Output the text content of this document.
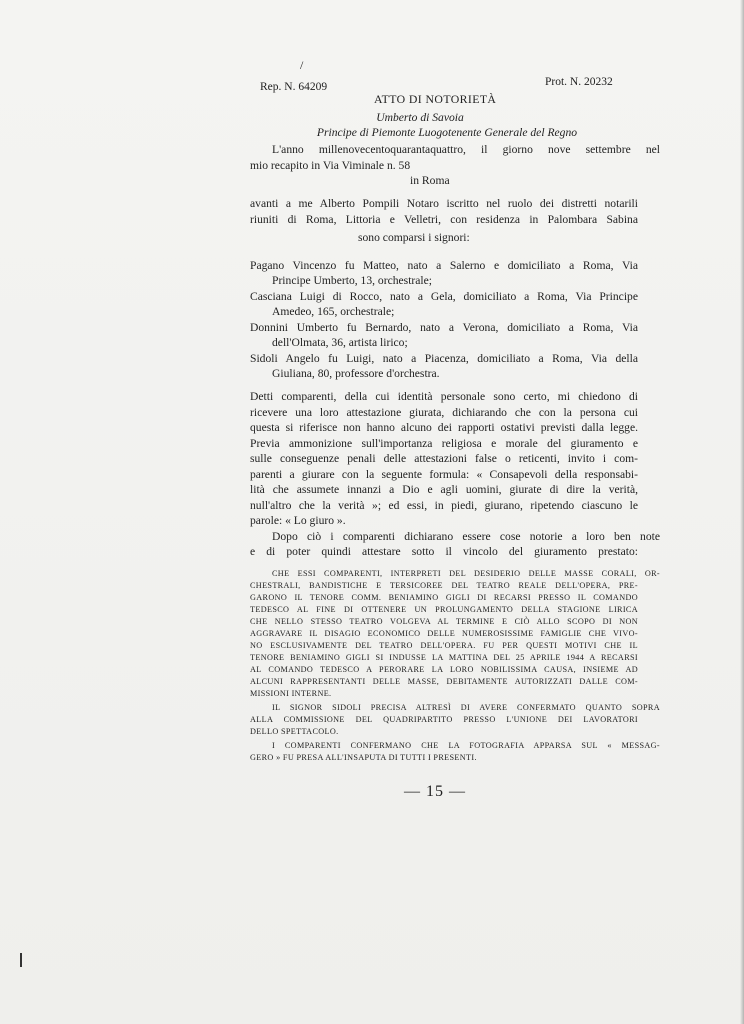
/
Rep. N. 64209	Prot. N. 20232
ATTO DI NOTORIETÀ
Umberto di Savoia
Principe di Piemonte Luogotenente Generale del Regno
L'anno millenovecentoquarantaquattro, il giorno nove settembre nel
mio recapito in Via Viminale n. 58
in Roma
avanti a me Alberto Pompili Notaro iscritto nel ruolo dei distretti notarili
riuniti di Roma, Littoria e Velletri, con residenza in Palombara Sabina
sono comparsi i signori:
Pagano Vincenzo fu Matteo, nato a Salerno e domiciliato a Roma, Via
Principe Umberto, 13, orchestrale;
Casciana Luigi di Rocco, nato a Gela, domiciliato a Roma, Via Principe
Amedeo, 165, orchestrale;
Donnini Umberto fu Bernardo, nato a Verona, domiciliato a Roma, Via
dell'Olmata, 36, artista lirico;
Sidoli Angelo fu Luigi, nato a Piacenza, domiciliato a Roma, Via della
Giuliana, 80, professore d'orchestra.
Detti comparenti, della cui identità personale sono certo, mi chiedono di
ricevere una loro attestazione giurata, dichiarando che con la persona cui
questa si riferisce non hanno alcuno dei rapporti ostativi previsti dalla legge.
Previa ammonizione sull'importanza religiosa e morale del giuramento e
sulle conseguenze penali delle attestazioni false o reticenti, invito i com-
parenti a giurare con la seguente formula: « Consapevoli della responsabi-
lità che assumete innanzi a Dio e agli uomini, giurate di dire la verità,
null'altro che la verità »; ed essi, in piedi, giurano, ripetendo ciascuno le
parole: « Lo giuro ».
Dopo ciò i comparenti dichiarano essere cose notorie a loro ben note
e di poter quindi attestare sotto il vincolo del giuramento prestato:
CHE ESSI COMPARENTI, INTERPRETI DEL DESIDERIO DELLE MASSE CORALI, OR-
CHESTRALI, BANDISTICHE E TERSICOREE DEL TEATRO REALE DELL'OPERA, PRE-
GARONO IL TENORE COMM. BENIAMINO GIGLI DI RECARSI PRESSO IL COMANDO
TEDESCO AL FINE DI OTTENERE UN PROLUNGAMENTO DELLA STAGIONE LIRICA
CHE NELLO STESSO TEATRO VOLGEVA AL TERMINE E CIÒ ALLO SCOPO DI NON
AGGRAVARE IL DISAGIO ECONOMICO DELLE NUMEROSISSIME FAMIGLIE CHE VIVO-
NO ESCLUSIVAMENTE DEL TEATRO DELL'OPERA. FU PER QUESTI MOTIVI CHE IL
TENORE BENIAMINO GIGLI SI INDUSSE LA MATTINA DEL 25 APRILE 1944 A RECARSI
AL COMANDO TEDESCO A PERORARE LA LORO NOBILISSIMA CAUSA, INSIEME AD
ALCUNI RAPPRESENTANTI DELLE MASSE, DEBITAMENTE AUTORIZZATI DALLE COM-
MISSIONI INTERNE.
IL SIGNOR SIDOLI PRECISA ALTRESÌ DI AVERE CONFERMATO QUANTO SOPRA
ALLA COMMISSIONE DEL QUADRIPARTITO PRESSO L'UNIONE DEI LAVORATORI
DELLO SPETTACOLO.
I COMPARENTI CONFERMANO CHE LA FOTOGRAFIA APPARSA SUL « MESSAG-
GERO » FU PRESA ALL'INSAPUTA DI TUTTI I PRESENTI.
— 15 —
